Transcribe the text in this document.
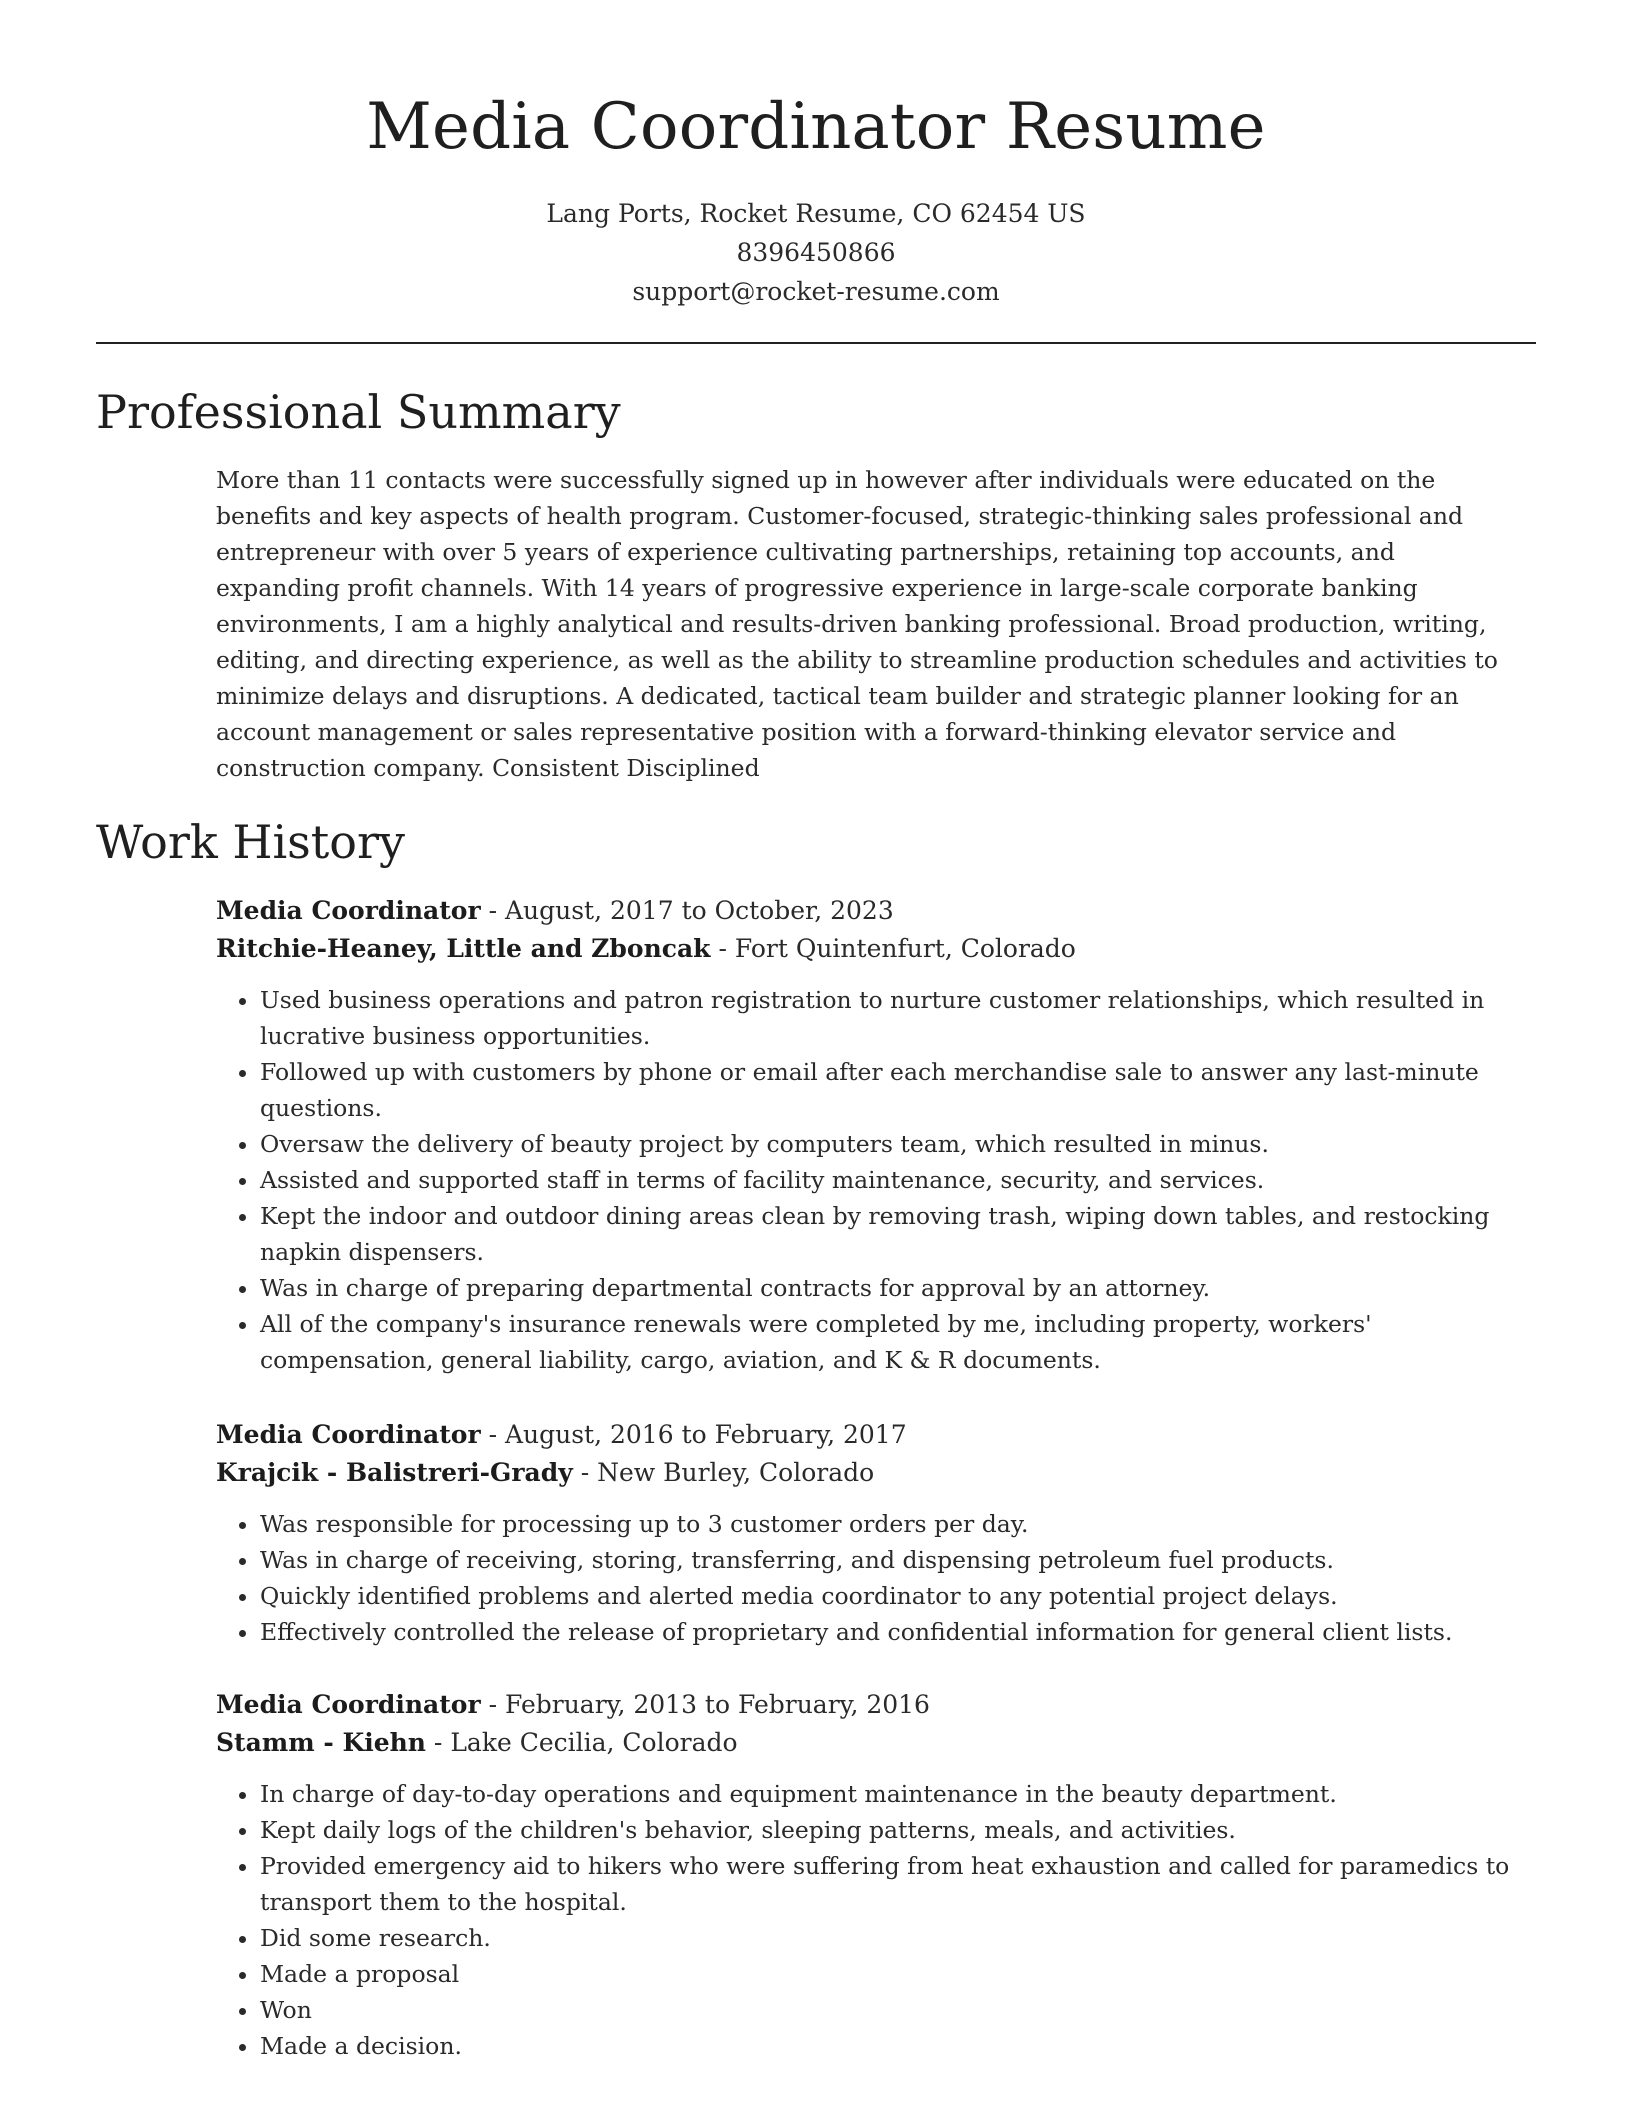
Media Coordinator Resume
Lang Ports, Rocket Resume, CO 62454 US
8396450866
support@rocket-resume.com
Professional Summary

More than 11 contacts were successfully signed up in however after individuals were educated on the benefits and key aspects of health program. Customer-focused, strategic-thinking sales professional and entrepreneur with over 5 years of experience cultivating partnerships, retaining top accounts, and expanding profit channels. With 14 years of progressive experience in large-scale corporate banking environments, I am a highly analytical and results-driven banking professional. Broad production, writing, editing, and directing experience, as well as the ability to streamline production schedules and activities to minimize delays and disruptions. A dedicated, tactical team builder and strategic planner looking for an account management or sales representative position with a forward-thinking elevator service and construction company. Consistent Disciplined

Work History
Media Coordinator - August, 2017 to October, 2023
Ritchie-Heaney, Little and Zboncak - Fort Quintenfurt, Colorado
• Used business operations and patron registration to nurture customer relationships, which resulted in lucrative business opportunities.
• Followed up with customers by phone or email after each merchandise sale to answer any last-minute questions.
• Oversaw the delivery of beauty project by computers team, which resulted in minus.
• Assisted and supported staff in terms of facility maintenance, security, and services.
• Kept the indoor and outdoor dining areas clean by removing trash, wiping down tables, and restocking napkin dispensers.
• Was in charge of preparing departmental contracts for approval by an attorney.
• All of the company's insurance renewals were completed by me, including property, workers' compensation, general liability, cargo, aviation, and K & R documents.
Media Coordinator - August, 2016 to February, 2017
Krajcik - Balistreri-Grady - New Burley, Colorado
• Was responsible for processing up to 3 customer orders per day.
• Was in charge of receiving, storing, transferring, and dispensing petroleum fuel products.
• Quickly identified problems and alerted media coordinator to any potential project delays.
• Effectively controlled the release of proprietary and confidential information for general client lists.
Media Coordinator - February, 2013 to February, 2016
Stamm - Kiehn - Lake Cecilia, Colorado
• In charge of day-to-day operations and equipment maintenance in the beauty department.
• Kept daily logs of the children's behavior, sleeping patterns, meals, and activities.
• Provided emergency aid to hikers who were suffering from heat exhaustion and called for paramedics to transport them to the hospital.
• Did some research.
• Made a proposal
• Won
• Made a decision.
